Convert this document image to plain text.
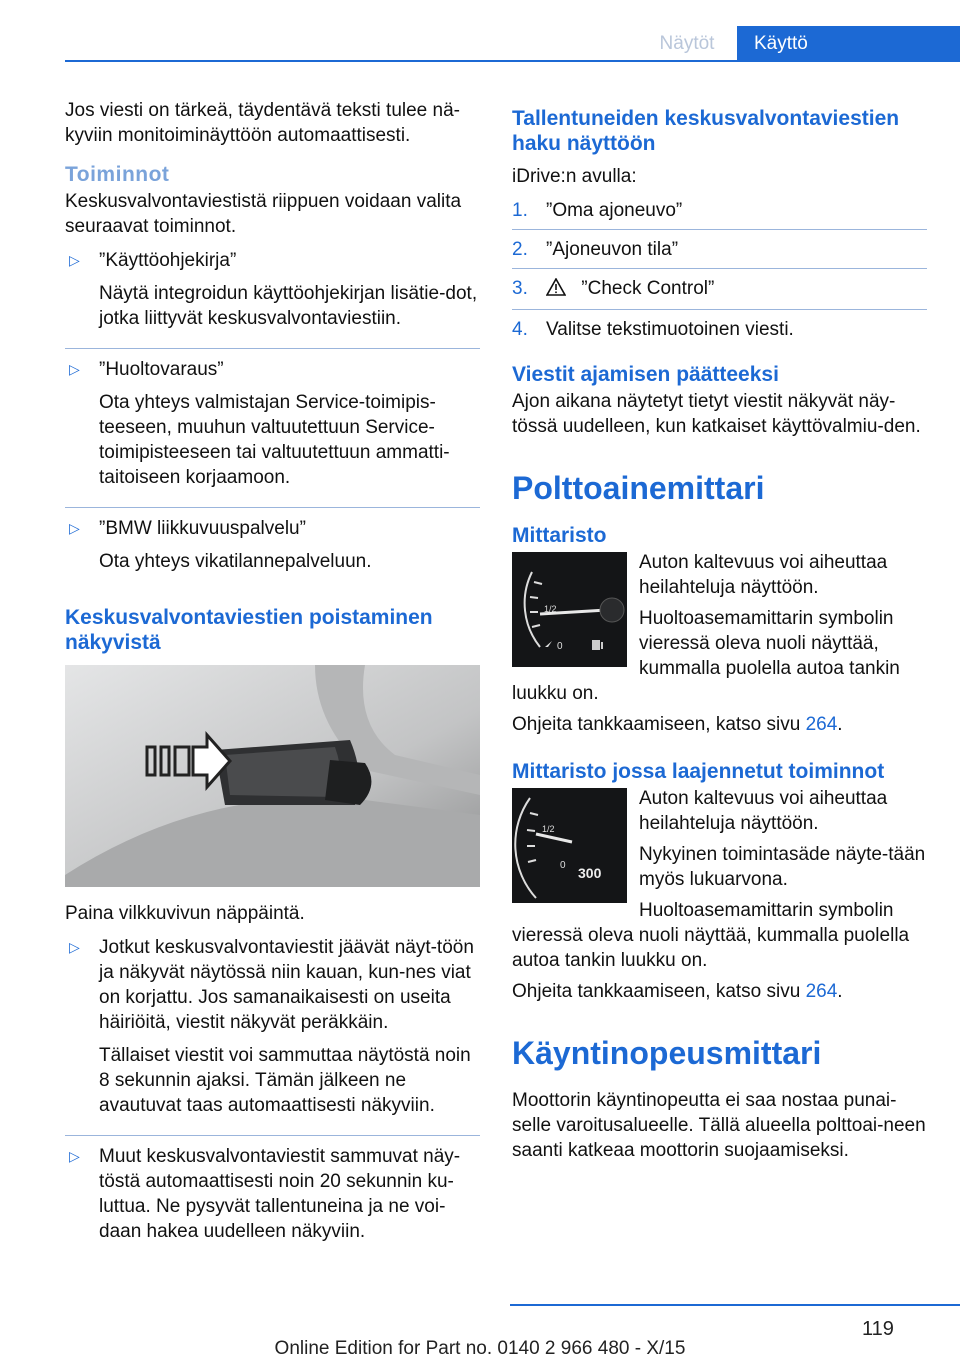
Näytöt	Käyttö

Jos viesti on tärkeä, täydentävä teksti tulee nä‐kyviin monitoiminäyttöön automaattisesti.

Toiminnot

Keskusvalvontaviestistä riippuen voidaan valita seuraavat toiminnot.

▷ ”Käyttöohjekirja”

Näytä integroidun käyttöohjekirjan lisätie‐dot, jotka liittyvät keskusvalvontaviestiin.

▷ ”Huoltovaraus”

Ota yhteys valmistajan Service-toimipis‐teeseen, muuhun valtuutettuun Service-toimipisteeseen tai valtuutettuun ammatti‐taitoiseen korjaamoon.

▷ ”BMW liikkuvuuspalvelu”

Ota yhteys vikatilannepalveluun.

Keskusvalvontaviestien poistaminen näkyvistä

Paina vilkkuvivun näppäintä.

▷ Jotkut keskusvalvontaviestit jäävät näyt‐töön ja näkyvät näytössä niin kauan, kun‐nes viat on korjattu. Jos samanaikaisesti on useita häiriöitä, viestit näkyvät peräkkäin.

Tällaiset viestit voi sammuttaa näytöstä noin 8 sekunnin ajaksi. Tämän jälkeen ne avautuvat taas automaattisesti näkyviin.

▷ Muut keskusvalvontaviestit sammuvat näy‐töstä automaattisesti noin 20 sekunnin ku‐luttua. Ne pysyvät tallentuneina ja ne voi‐daan hakea uudelleen näkyviin.

Tallentuneiden keskusvalvontaviestien haku näyttöön

iDrive:n avulla:

1. ”Oma ajoneuvo”
2. ”Ajoneuvon tila”
3.	”Check Control”
4. Valitse tekstimuotoinen viesti.
Viestit ajamisen päätteeksi

Ajon aikana näytetyt tietyt viestit näkyvät näy‐tössä uudelleen, kun katkaiset käyttövalmiu‐den.

Polttoainemittari
Mittaristo
1/2
0

Auton kaltevuus voi aiheuttaa heilahteluja näyttöön.

Huoltoasemamittarin symbolin vieressä oleva nuoli näyttää, kummalla puolella autoa tankin luukku on.

Ohjeita tankkaamiseen, katso sivu 264.

Mittaristo jossa laajennetut toiminnot
1/2
0 300

Auton kaltevuus voi aiheuttaa heilahteluja näyttöön.

Nykyinen toimintasäde näyte‐tään myös lukuarvona.

Huoltoasemamittarin symbolin vieressä oleva nuoli näyttää, kummalla puolella autoa tankin luukku on.

Ohjeita tankkaamiseen, katso sivu 264.

Käyntinopeusmittari

Moottorin käyntinopeutta ei saa nostaa punai‐selle varoitusalueelle. Tällä alueella polttoai‐neen saanti katkeaa moottorin suojaamiseksi.

119
Online Edition for Part no. 0140 2 966 480 - X/15
